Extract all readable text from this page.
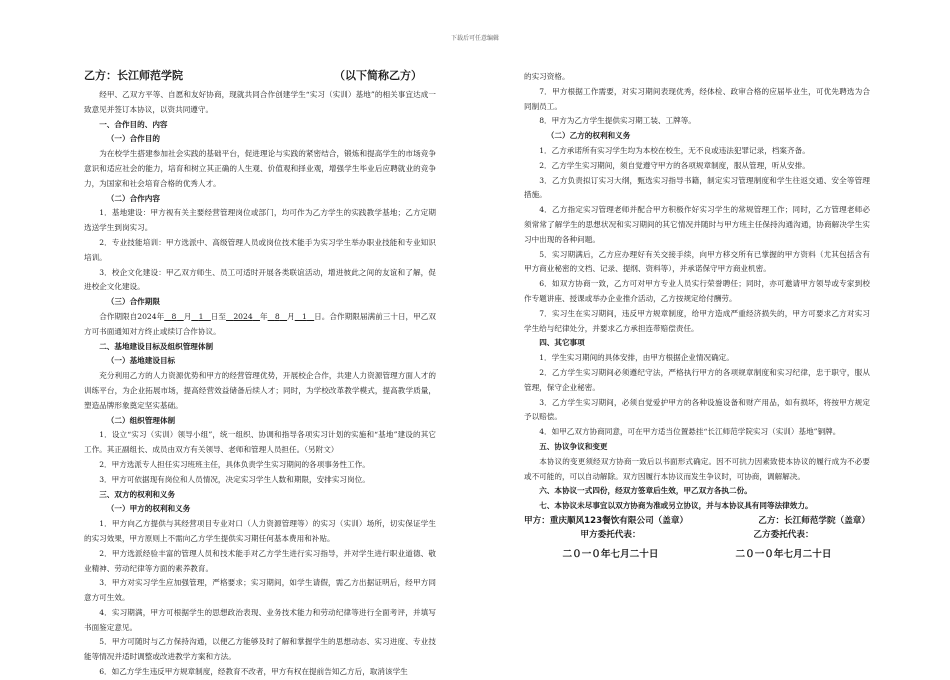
下载后可任意编辑
乙方：长江师范学院	（以下简称乙方）

经甲、乙双方平等、自愿和友好协商，现就共同合作创建学生“实习（实训）基地”的相关事宜达成一致意见并签订本协议，以资共同遵守。

一、合作目的、内容
（一）合作目的

为在校学生搭建参加社会实践的基础平台，促进理论与实践的紧密结合，锻炼和提高学生的市场竞争意识和适应社会的能力，培育和树立其正确的人生观、价值观和择业观，增强学生毕业后应聘就业的竞争力，为国家和社会培育合格的优秀人才。

（二）合作内容

1．基地建设：甲方视有关主要经营管理岗位或部门，均可作为乙方学生的实践教学基地；乙方定期选送学生到岗实习。

2．专业技能培训：甲方选派中、高级管理人员或岗位技术能手为实习学生举办职业技能和专业知识培训。

3．校企文化建设：甲乙双方师生、员工可适时开展各类联谊活动，增进彼此之间的友谊和了解，促进校企文化建设。

（三）合作期限

合作期限自2024年 8 月 1 日至 2024 年 8 月 1 日。合作期限届满前三十日，甲乙双方可书面通知对方终止或续订合作协议。

二、基地建设目标及组织管理体制
（一）基地建设目标

充分利用乙方的人力资源优势和甲方的经营管理优势，开展校企合作，共建人力资源管理方面人才的训练平台，为企业拓展市场，提高经营效益储备后续人才；同时，为学校改革教学模式，提高教学质量，塑造品牌形象奠定坚实基础。

（二）组织管理体制

1．设立“实习（实训）领导小组”，统一组织、协调和指导各项实习计划的实施和“基地”建设的其它工作。其正副组长、成员由双方有关领导、老师和管理人员担任。（另附文）

2．甲方选派专人担任实习班班主任，具体负责学生实习期间的各项事务性工作。

3．甲方可依据现有岗位和人员情况，决定实习学生人数和期限，安排实习岗位。

三、双方的权利和义务
（一）甲方的权利和义务

1．甲方向乙方提供与其经营项目专业对口（人力资源管理等）的实习（实训）场所，切实保证学生的实习效果，甲方原则上不需向乙方学生提供实习期任何基本费用和补贴。

2．甲方选派经验丰富的管理人员和技术能手对乙方学生进行实习指导，并对学生进行职业道德、敬业精神、劳动纪律等方面的素养教育。

3．甲方对实习学生应加强管理，严格要求；实习期间，如学生请假，需乙方出据证明后，经甲方同意方可生效。

4．实习期满，甲方可根据学生的思想政治表现、业务技术能力和劳动纪律等进行全面考评，并填写书面鉴定意见。

5．甲方可随时与乙方保持沟通，以便乙方能够及时了解和掌握学生的思想动态、实习进度、专业技能等情况并适时调整或改进教学方案和方法。

6．如乙方学生违反甲方规章制度，经教育不改者，甲方有权在提前告知乙方后，取消该学生

的实习资格。

7．甲方根据工作需要，对实习期间表现优秀，经体检、政审合格的应届毕业生，可优先聘选为合同制员工。

8．甲方为乙方学生提供实习期工装、工牌等。

（二）乙方的权利和义务

1．乙方承诺所有实习学生均为本校在校生，无不良或违法犯罪记录，档案齐备。

2．乙方学生实习期间，须自觉遵守甲方的各项规章制度，服从管理，听从安排。

3．乙方负责拟订实习大纲，甄选实习指导书籍，制定实习管理制度和学生往返交通、安全等管理措施。

4．乙方指定实习管理老师并配合甲方积极作好实习学生的常规管理工作；同时，乙方管理老师必须常常了解学生的思想状况和实习期间的其它情况并随时与甲方班主任保持沟通沟通，协商解决学生实习中出现的各种问题。

5．实习期满后，乙方应办理好有关交接手续，向甲方移交所有已掌握的甲方资料（尤其包括含有甲方商业秘密的文档、记录、提纲、资料等），并承诺保守甲方商业机密。

6．如双方协商一致，乙方可对甲方专业人员实行荣誉聘任；同时，亦可邀请甲方领导或专家到校作专题讲座、授课或举办企业推介活动，乙方按规定给付酬劳。

7．实习生在实习期间，违反甲方规章制度，给甲方造成严重经济损失的，甲方可要求乙方对实习学生给与纪律处分，并要求乙方承担连带赔偿责任。

四、其它事项

1．学生实习期间的具体安排，由甲方根据企业情况确定。

2．乙方学生实习期间必须遵纪守法，严格执行甲方的各项规章制度和实习纪律，忠于职守，服从管理，保守企业秘密。

3．乙方学生实习期间，必须自觉爱护甲方的各种设施设备和财产用品，如有损坏，将按甲方规定予以赔偿。

4．如甲乙双方协商同意，可在甲方适当位置悬挂“长江师范学院实习（实训）基地”铜牌。

五、协议争议和变更

本协议的变更须经双方协商一致后以书面形式确定。因不可抗力因素致使本协议的履行成为不必要或不可能的，可以自动解除。双方因履行本协议而发生争议时，可协商，调解解决。

六、本协议一式四份，经双方签章后生效，甲乙双方各执二份。
七、本协议未尽事宜以双方协商为准或另立协议，并与本协议具有同等法律效力。
甲方：重庆顺风123餐饮有限公司（盖章）	乙方：长江师范学院（盖章）
甲方委托代表：	乙方委托代表：
二０一０年七月二十日	二０一０年七月二十日
